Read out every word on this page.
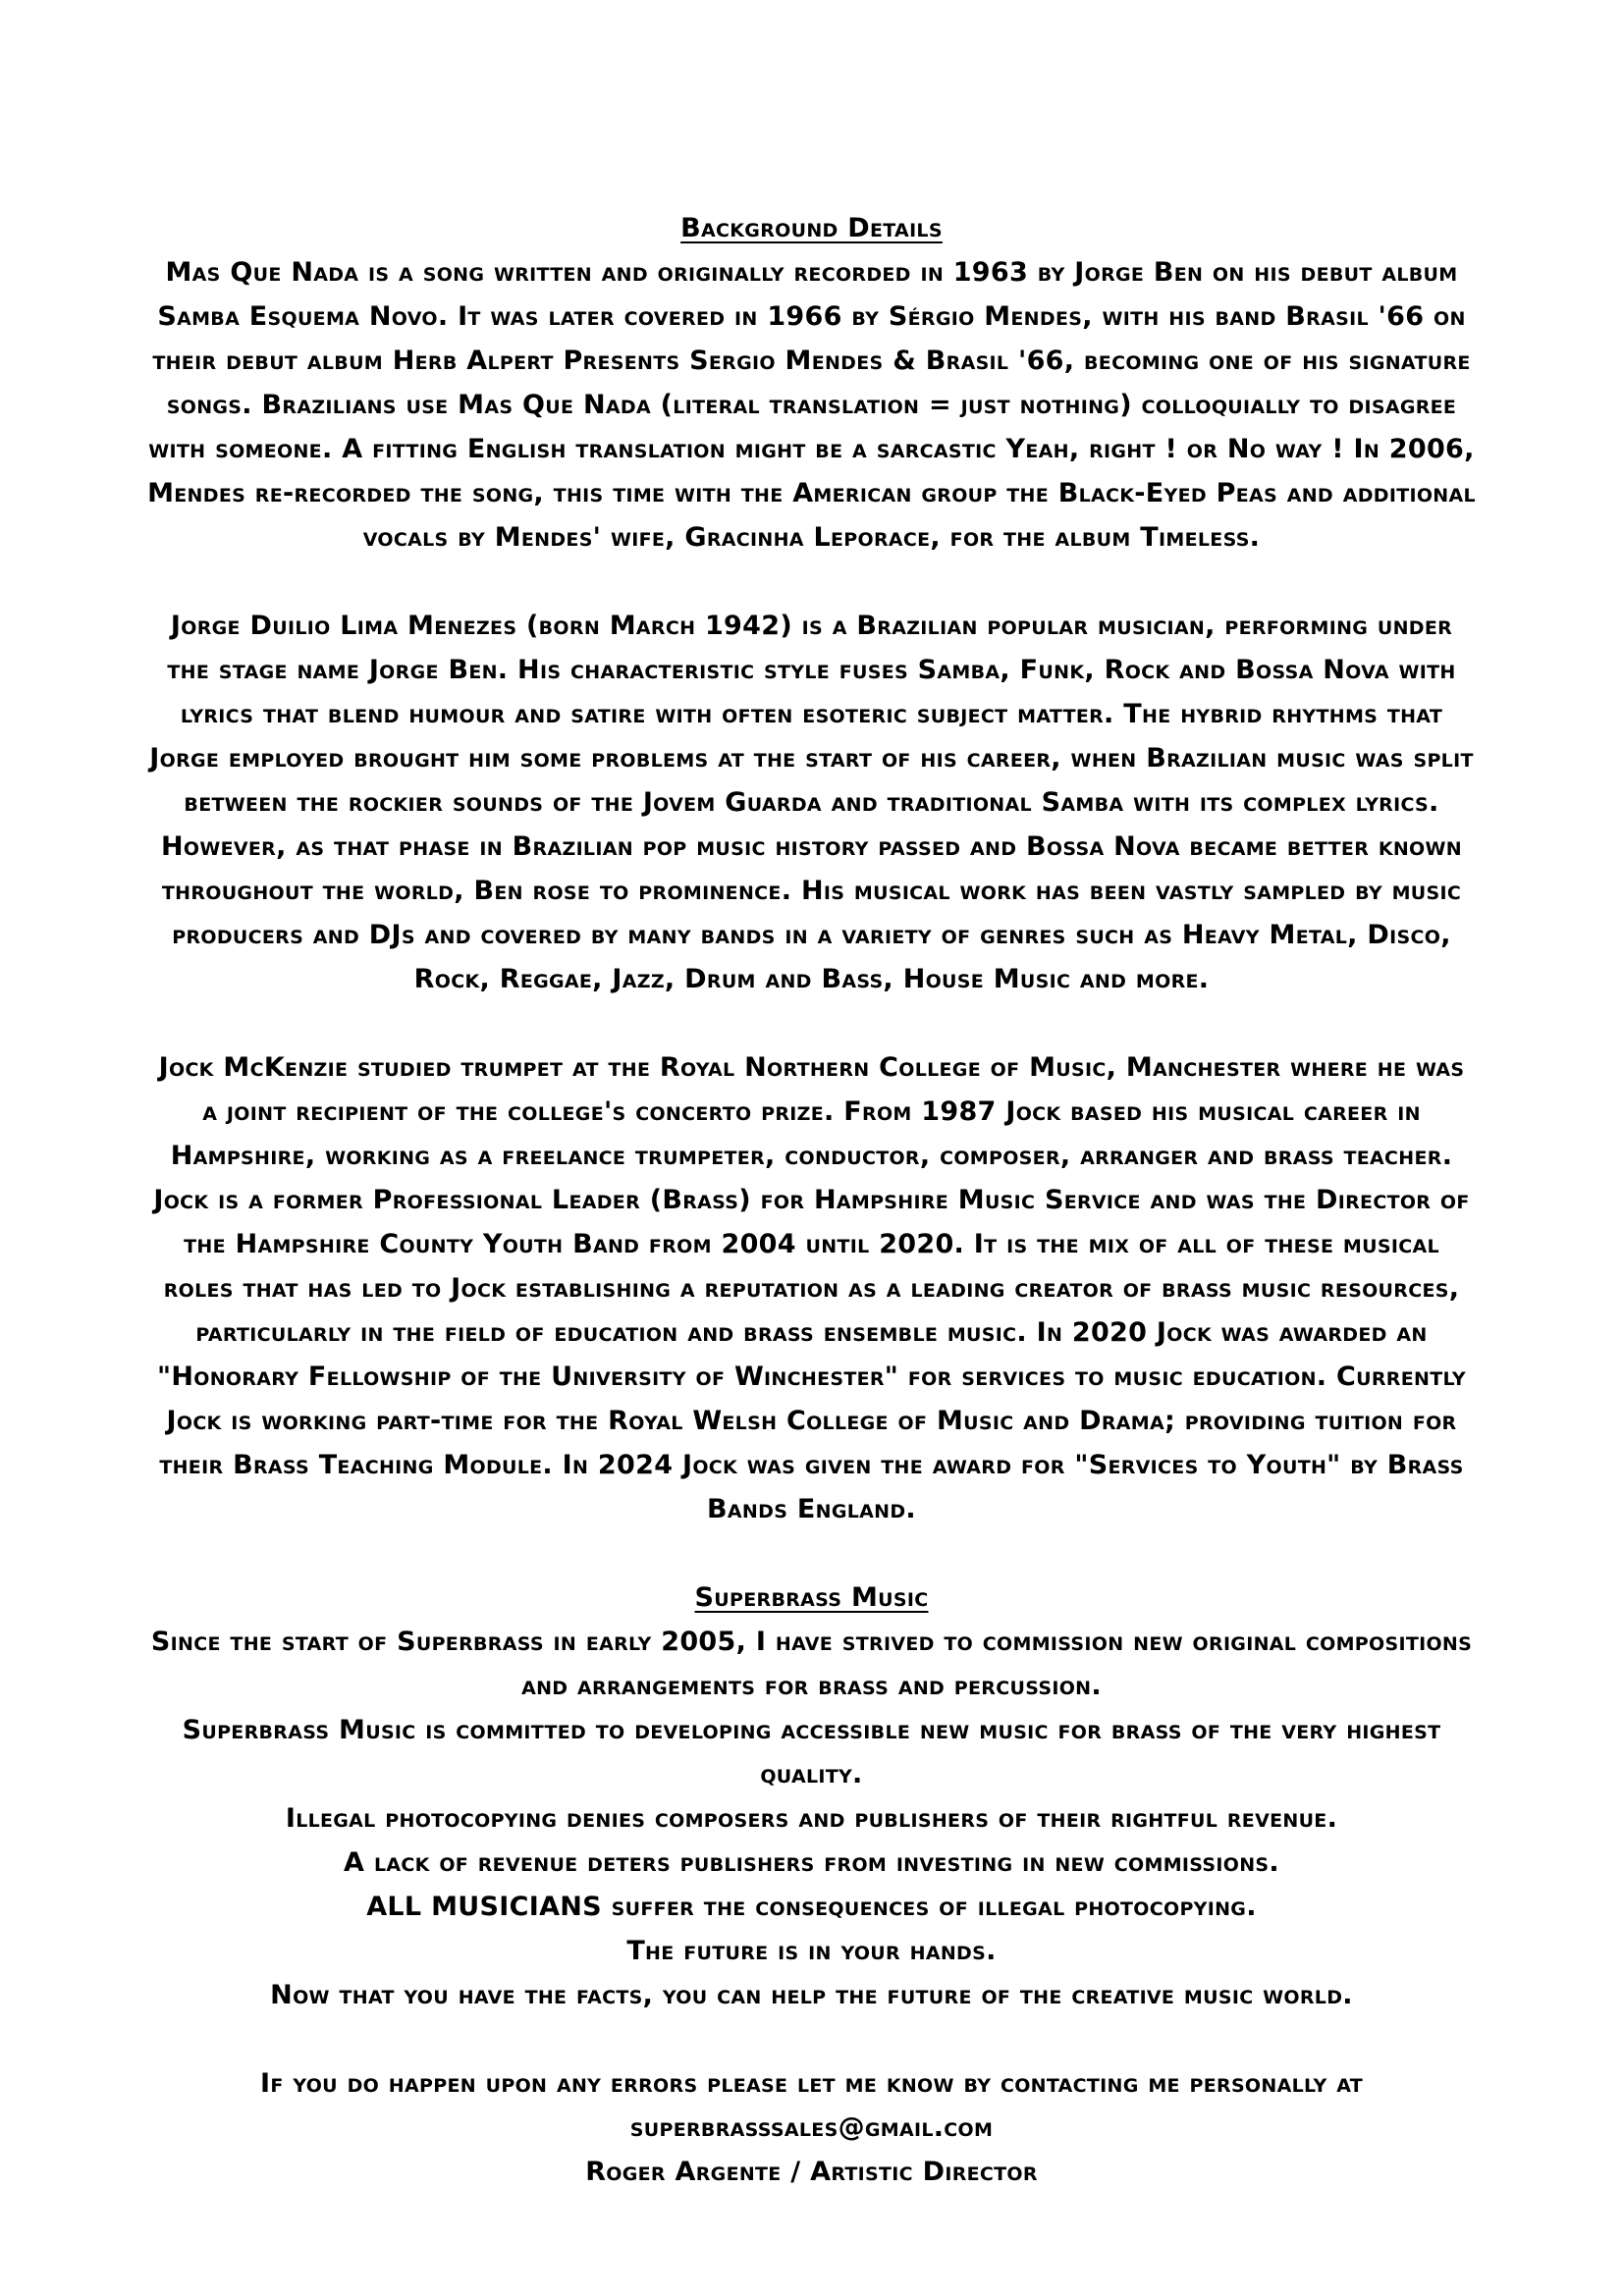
Background Details

Mas Que Nada is a song written and originally recorded in 1963 by Jorge Ben on his debut album Samba Esquema Novo. It was later covered in 1966 by Sérgio Mendes, with his band Brasil '66 on their debut album Herb Alpert Presents Sergio Mendes & Brasil '66, becoming one of his signature songs. Brazilians use Mas Que Nada (literal translation = just nothing) colloquially to disagree with someone. A fitting English translation might be a sarcastic Yeah, right ! or No way ! In 2006, Mendes re-recorded the song, this time with the American group the Black-Eyed Peas and additional vocals by Mendes' wife, Gracinha Leporace, for the album Timeless.

Jorge Duilio Lima Menezes (born March 1942) is a Brazilian popular musician, performing under the stage name Jorge Ben. His characteristic style fuses Samba, Funk, Rock and Bossa Nova with lyrics that blend humour and satire with often esoteric subject matter. The hybrid rhythms that Jorge employed brought him some problems at the start of his career, when Brazilian music was split between the rockier sounds of the Jovem Guarda and traditional Samba with its complex lyrics. However, as that phase in Brazilian pop music history passed and Bossa Nova became better known throughout the world, Ben rose to prominence. His musical work has been vastly sampled by music producers and DJs and covered by many bands in a variety of genres such as Heavy Metal, Disco, Rock, Reggae, Jazz, Drum and Bass, House Music and more.

Jock McKenzie studied trumpet at the Royal Northern College of Music, Manchester where he was a joint recipient of the college's concerto prize. From 1987 Jock based his musical career in Hampshire, working as a freelance trumpeter, conductor, composer, arranger and brass teacher. Jock is a former Professional Leader (Brass) for Hampshire Music Service and was the Director of the Hampshire County Youth Band from 2004 until 2020. It is the mix of all of these musical roles that has led to Jock establishing a reputation as a leading creator of brass music resources, particularly in the field of education and brass ensemble music. In 2020 Jock was awarded an "Honorary Fellowship of the University of Winchester" for services to music education. Currently Jock is working part-time for the Royal Welsh College of Music and Drama; providing tuition for their Brass Teaching Module. In 2024 Jock was given the award for "Services to Youth" by Brass Bands England.

Superbrass Music
Since the start of Superbrass in early 2005, I have strived to commission new original compositions and arrangements for brass and percussion.
Superbrass Music is committed to developing accessible new music for brass of the very highest quality.
Illegal photocopying denies composers and publishers of their rightful revenue.
A lack of revenue deters publishers from investing in new commissions.
ALL MUSICIANS suffer the consequences of illegal photocopying.
The future is in your hands.
Now that you have the facts, you can help the future of the creative music world.
If you do happen upon any errors please let me know by contacting me personally at
superbrasssales@gmail.com
Roger Argente / Artistic Director
